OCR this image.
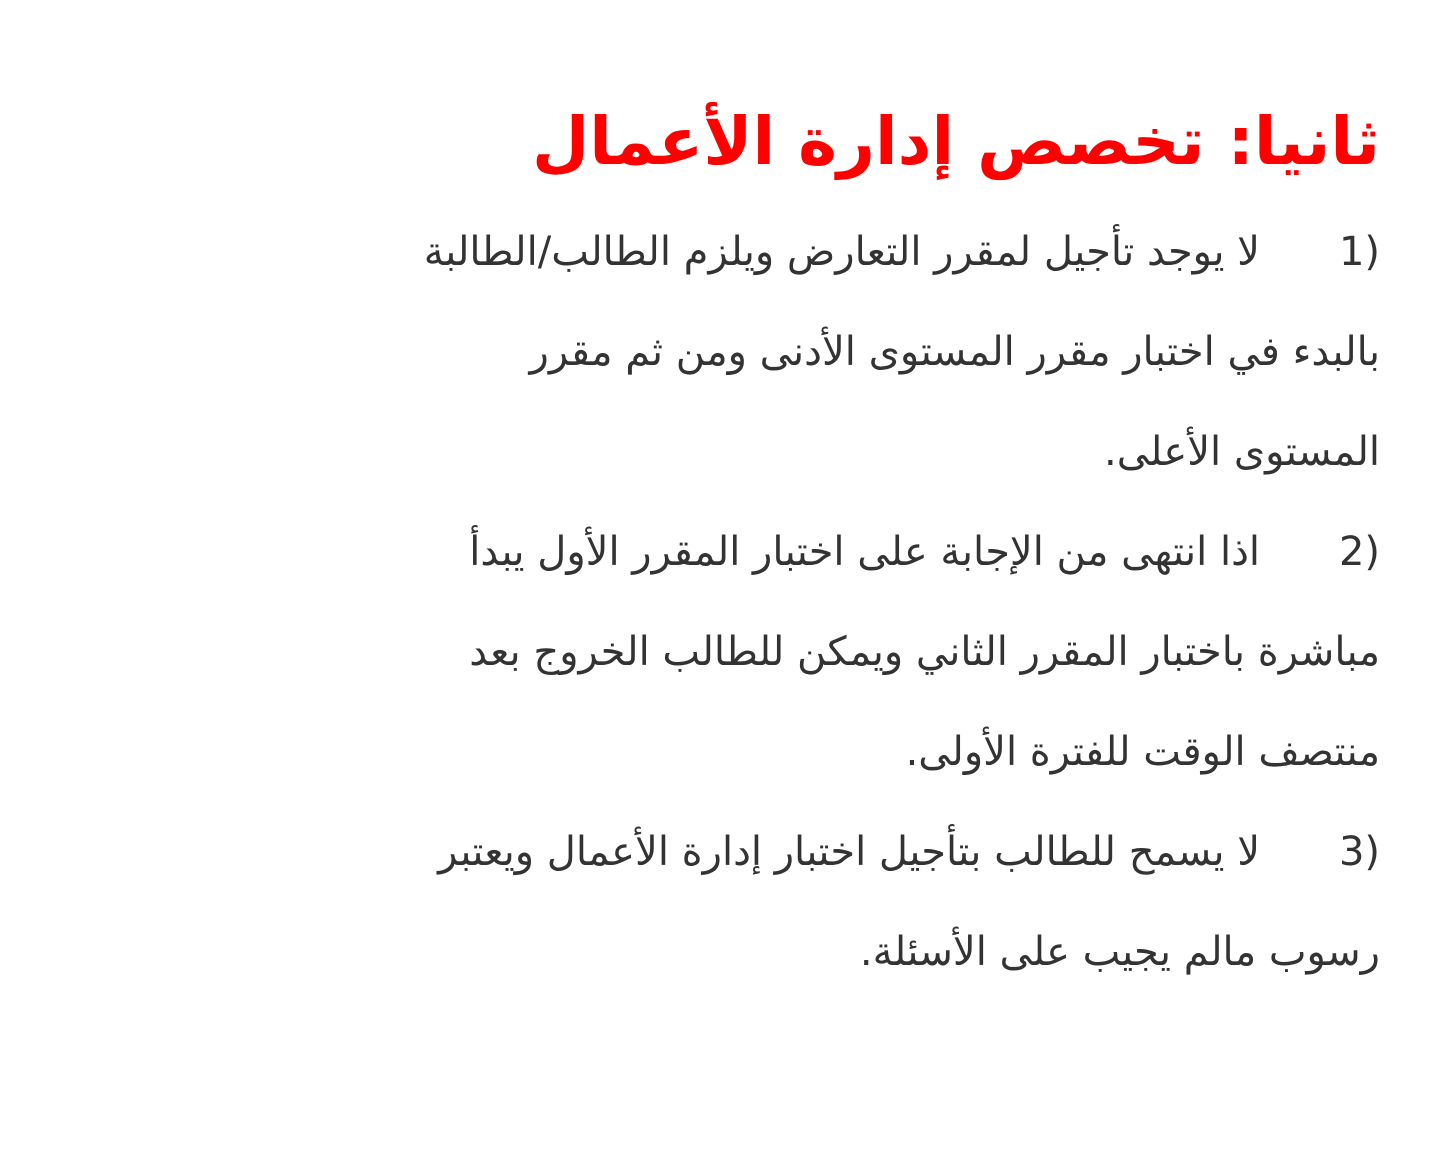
ثانيا: تخصص إدارة الأعمال
1)لا يوجد تأجيل لمقرر التعارض ويلزم الطالب/الطالبة
بالبدء في اختبار مقرر المستوى الأدنى ومن ثم مقرر
المستوى الأعلى.
2)اذا انتهى من الإجابة على اختبار المقرر الأول يبدأ
مباشرة باختبار المقرر الثاني ويمكن للطالب الخروج بعد
منتصف الوقت للفترة الأولى.
3)لا يسمح للطالب بتأجيل اختبار إدارة الأعمال ويعتبر
رسوب مالم يجيب على الأسئلة.
